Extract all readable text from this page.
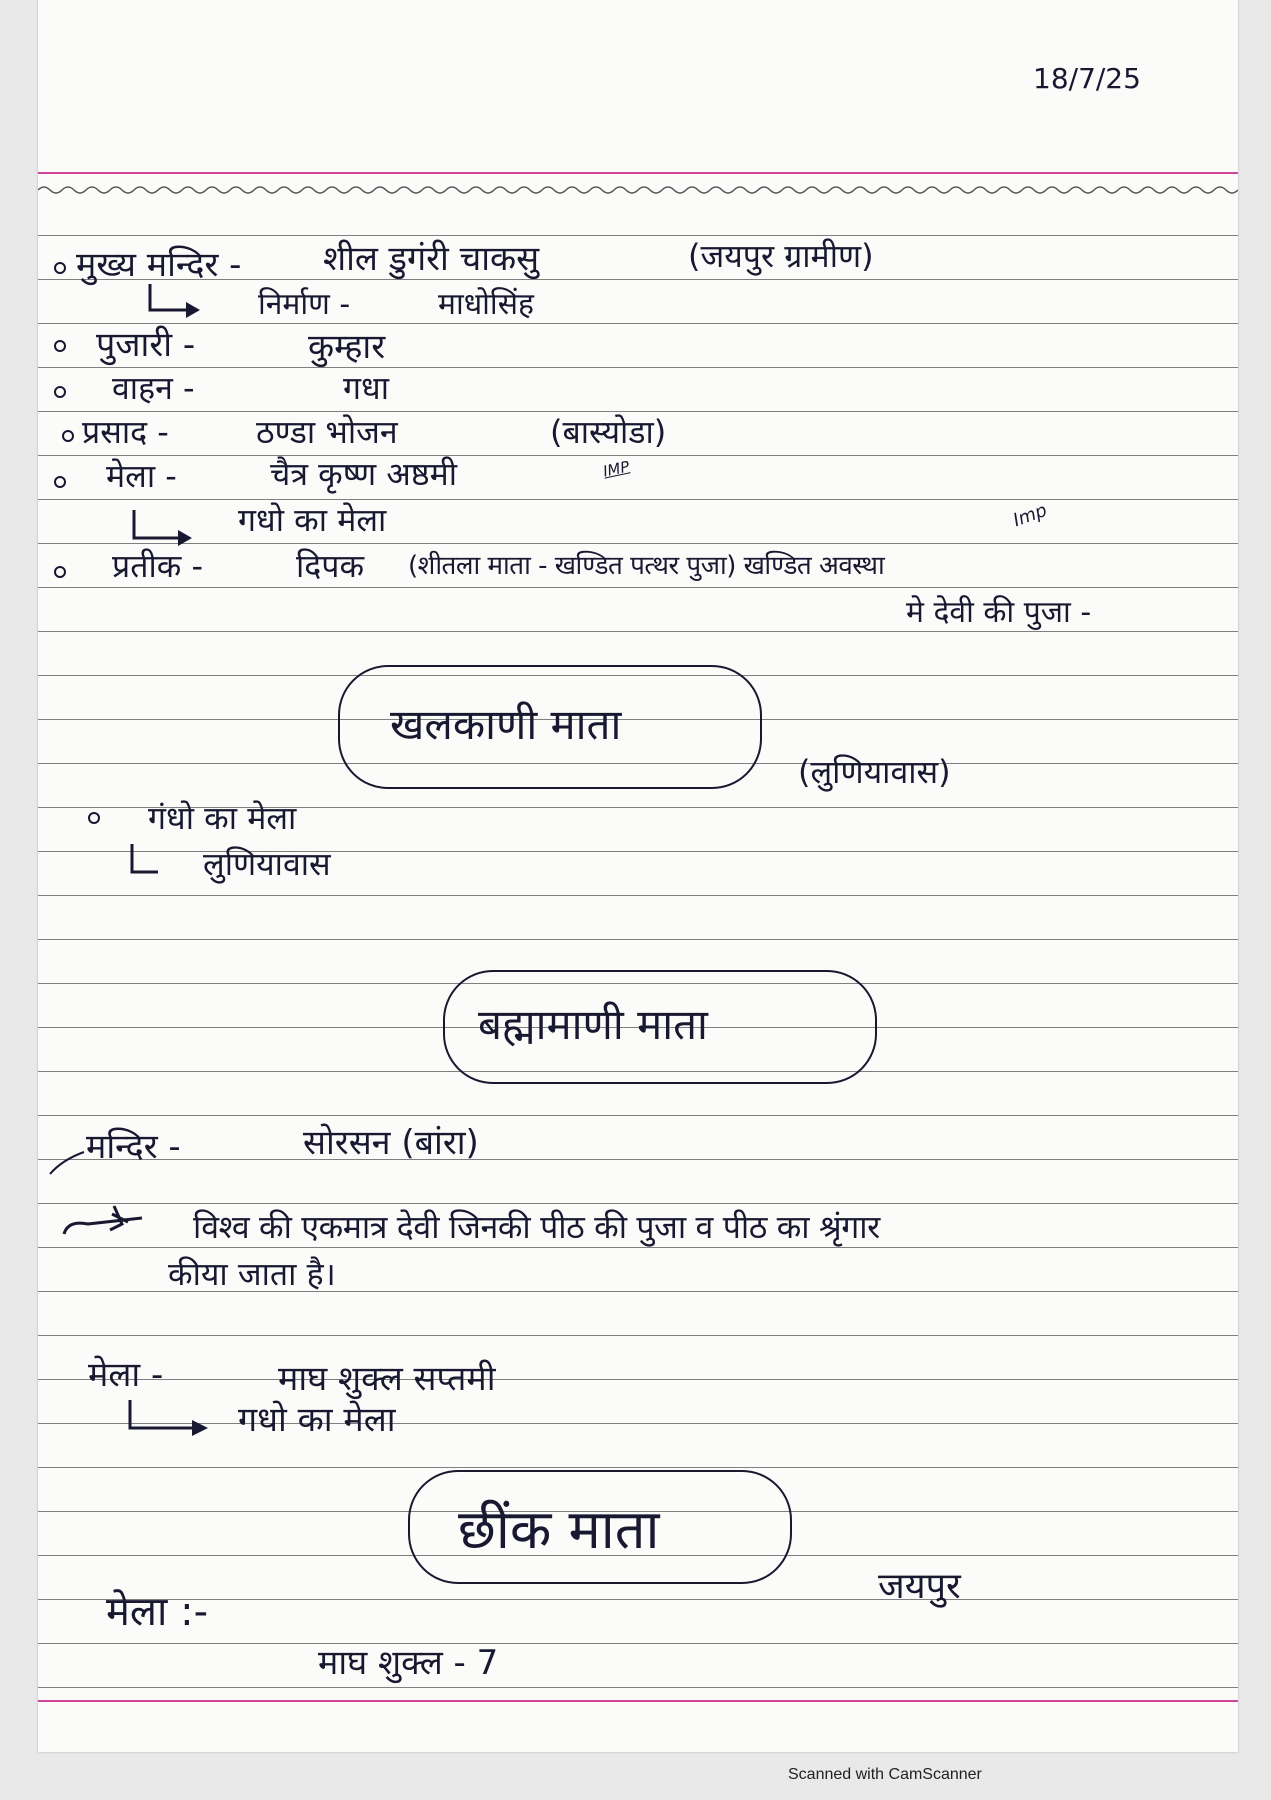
18/7/25
मुख्य मन्दिर - शील डुगंरी चाकसु	(जयपुर ग्रामीण)
निर्माण -	माधोसिंह
पुजारी -	कुम्हार
वाहन -	गधा
प्रसाद -	ठण्डा भोजन	(बास्योडा)
मेला -	चैत्र कृष्ण अष्ठमी	IMP
गधो का मेला	Imp
प्रतीक -	दिपक (शीतला माता - खण्डित पत्थर पुजा) खण्डित अवस्था
मे देवी की पुजा -
खलकाणी माता
(लुणियावास)
गंधो का मेला
लुणियावास
बह्मामाणी माता
मन्दिर -	सोरसन (बांरा)
विश्व की एकमात्र देवी जिनकी पीठ की पुजा व पीठ का श्रृंगार
कीया जाता है।
मेला -	माघ शुक्ल सप्तमी
गधो का मेला
छींक माता
जयपुर
मेला :-
माघ शुक्ल - 7
Scanned with CamScanner
